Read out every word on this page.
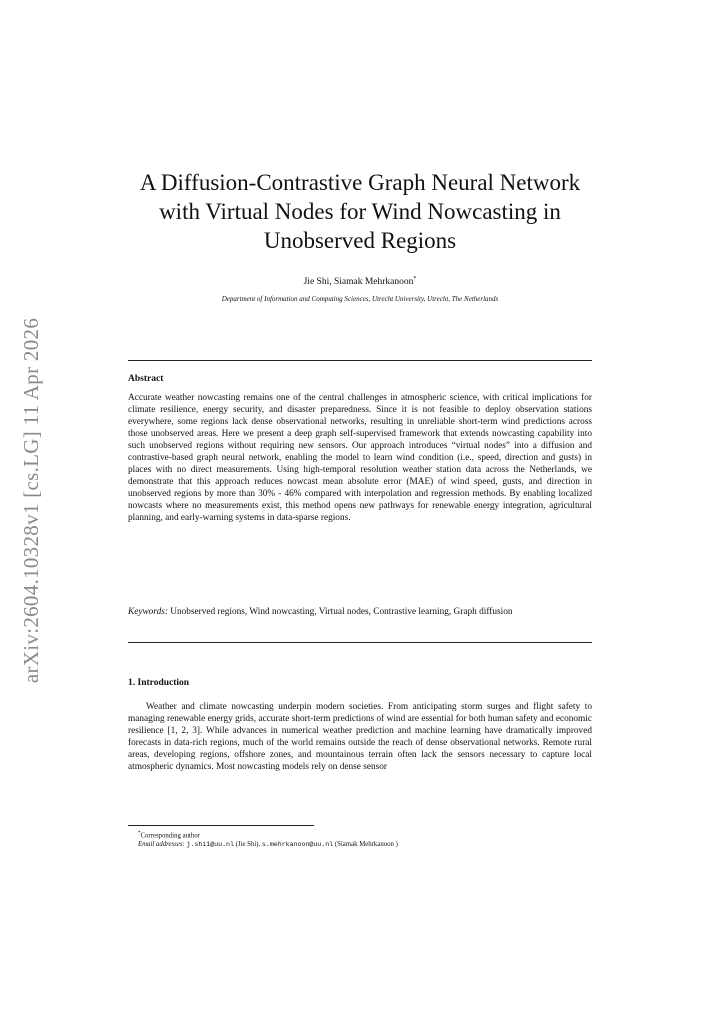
arXiv:2604.10328v1 [cs.LG] 11 Apr 2026
A Diffusion-Contrastive Graph Neural Network with Virtual Nodes for Wind Nowcasting in Unobserved Regions
Jie Shi, Siamak Mehrkanoon*
Department of Information and Computing Sciences, Utrecht University, Utrecht, The Netherlands
Abstract

Accurate weather nowcasting remains one of the central challenges in atmospheric science, with critical implications for climate resilience, energy security, and disaster preparedness. Since it is not feasible to deploy observation stations everywhere, some regions lack dense observational networks, resulting in unreliable short-term wind predictions across those unobserved areas. Here we present a deep graph self-supervised framework that extends nowcasting capability into such unobserved regions without requiring new sensors. Our approach introduces “virtual nodes” into a diffusion and contrastive-based graph neural network, enabling the model to learn wind condition (i.e., speed, direction and gusts) in places with no direct measurements. Using high-temporal resolution weather station data across the Netherlands, we demonstrate that this approach reduces nowcast mean absolute error (MAE) of wind speed, gusts, and direction in unobserved regions by more than 30% - 46% compared with interpolation and regression methods. By enabling localized nowcasts where no measurements exist, this method opens new pathways for renewable energy integration, agricultural planning, and early-warning systems in data-sparse regions.

Keywords: Unobserved regions, Wind nowcasting, Virtual nodes, Contrastive learning, Graph diffusion

1. Introduction

Weather and climate nowcasting underpin modern societies. From anticipating storm surges and flight safety to managing renewable energy grids, accurate short-term predictions of wind are essential for both human safety and economic resilience [1, 2, 3]. While advances in numerical weather prediction and machine learning have dramatically improved forecasts in data-rich regions, much of the world remains outside the reach of dense observational networks. Remote rural areas, developing regions, offshore zones, and mountainous terrain often lack the sensors necessary to capture local atmospheric dynamics. Most nowcasting models rely on dense sensor

*Corresponding author
Email addresses: j.shi1@uu.nl (Jie Shi), s.mehrkanoon@uu.nl (Siamak Mehrkanoon )
